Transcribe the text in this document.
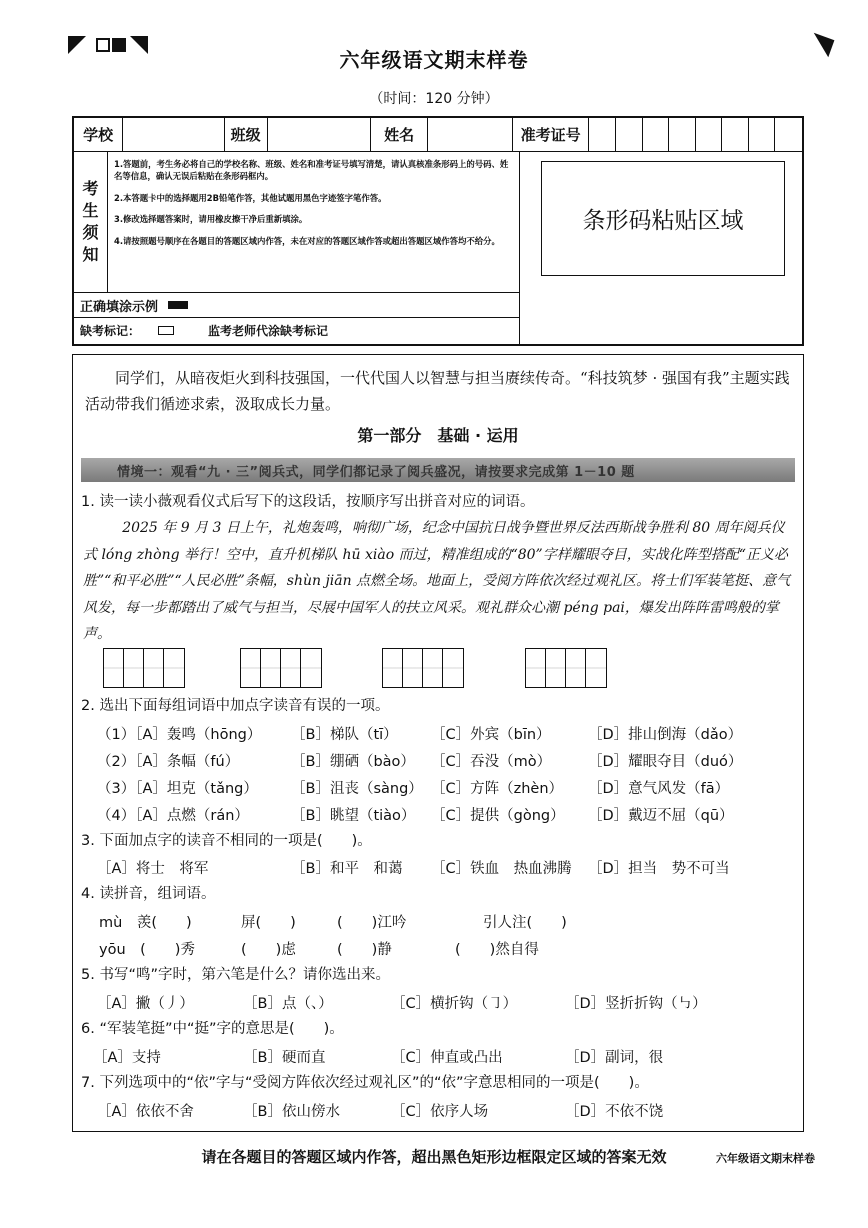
六年级语文期末样卷
（时间：120 分钟）
学校	班级	姓名	准考证号
考
生
须
知

1.答题前，考生务必将自己的学校名称、班级、姓名和准考证号填写清楚，请认真核准条形码上的号码、姓名等信息，确认无误后粘贴在条形码框内。

2.本答题卡中的选择题用2B铅笔作答，其他试题用黑色字迹签字笔作答。

3.修改选择题答案时，请用橡皮擦干净后重新填涂。

4.请按照题号顺序在各题目的答题区域内作答，未在对应的答题区域作答或超出答题区域作答均不给分。

正确填涂示例
缺考标记：	监考老师代涂缺考标记
条形码粘贴区域
同学们，从暗夜炬火到科技强国，一代代国人以智慧与担当赓续传奇。“科技筑梦 · 强国有我”主题实践活动带我们循迹求索，汲取成长力量。
第一部分　基础 · 运用
情境一：观看“九 · 三”阅兵式，同学们都记录了阅兵盛况，请按要求完成第 1－10 题
1. 读一读小薇观看仪式后写下的这段话，按顺序写出拼音对应的词语。
2025 年 9 月 3 日上午，礼炮轰鸣，响彻广场，纪念中国抗日战争暨世界反法西斯战争胜利 80 周年阅兵仪式 lóng zhòng 举行！空中，直升机梯队 hū xiào 而过，精准组成的“80”字样耀眼夺目，实战化阵型搭配“正义必胜”“和平必胜”“人民必胜”条幅，shùn jiān 点燃全场。地面上，受阅方阵依次经过观礼区。将士们军装笔挺、意气风发，每一步都踏出了威气与担当，尽展中国军人的扶立风采。观礼群众心潮 péng pai，爆发出阵阵雷鸣般的掌声。
2. 选出下面每组词语中加点字读音有误的一项。
（1）［A］轰鸣（hōng） ［B］梯队（tī） ［C］外宾（bīn）	［D］排山倒海（dǎo）
（2）［A］条幅（fú）	［B］绷硒（bào） ［C］吞没（mò）	［D］耀眼夺目（duó）
（3）［A］坦克（tǎng） ［B］沮丧（sàng） ［C］方阵（zhèn） ［D］意气风发（fā）
（4）［A］点燃（rán）	［B］眺望（tiào） ［C］提供（gòng） ［D］戴迈不屈（qū）
3. 下面加点字的读音不相同的一项是(　　)。
［A］将士　将军	［B］和平　和蔼 ［C］铁血　热血沸腾 ［D］担当　势不可当
4. 读拼音，组词语。
mù　羡(　　)	屏(　　)	(　　)江吟	引人注(　　)
yōu　(　　)秀	(　　)虑	(　　)静	(　　)然自得
5. 书写“鸣”字时，第六笔是什么？请你选出来。
［A］撇（丿）	［B］点（、）	［C］横折钩（㇆）	［D］竖折折钩（㇉）
6. “军装笔挺”中“挺”字的意思是(　　)。
［A］支持	［B］硬而直	［C］伸直或凸出	［D］副词，很
7. 下列选项中的“依”字与“受阅方阵依次经过观礼区”的“依”字意思相同的一项是(　　)。
［A］依依不舍	［B］依山傍水	［C］依序人场	［D］不依不饶
请在各题目的答题区域内作答，超出黑色矩形边框限定区域的答案无效	六年级语文期末样卷
